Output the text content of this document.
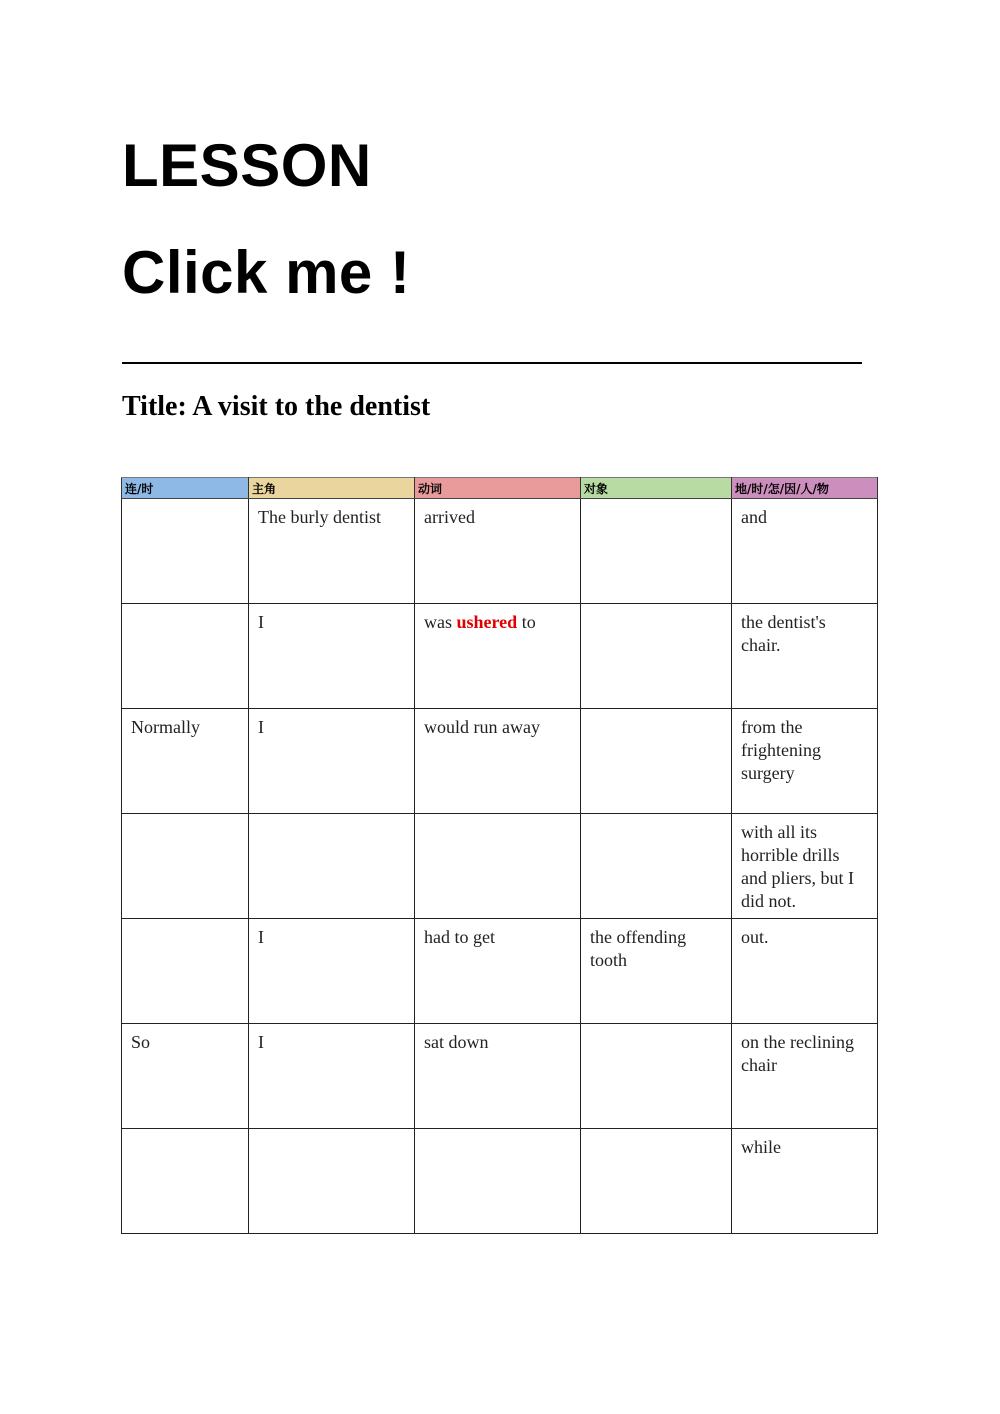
LESSON
Click me !
Title: A visit to the dentist
连/时	主角	动词	对象	地/时/怎/因/人/物
	The burly dentist	arrived		and
	I	was ushered to		the dentist's chair.
Normally	I	would run away		from the frightening surgery
				with all its horrible drills and pliers, but I did not.
	I	had to get	the offending tooth	out.
So	I	sat down		on the reclining chair
				while
